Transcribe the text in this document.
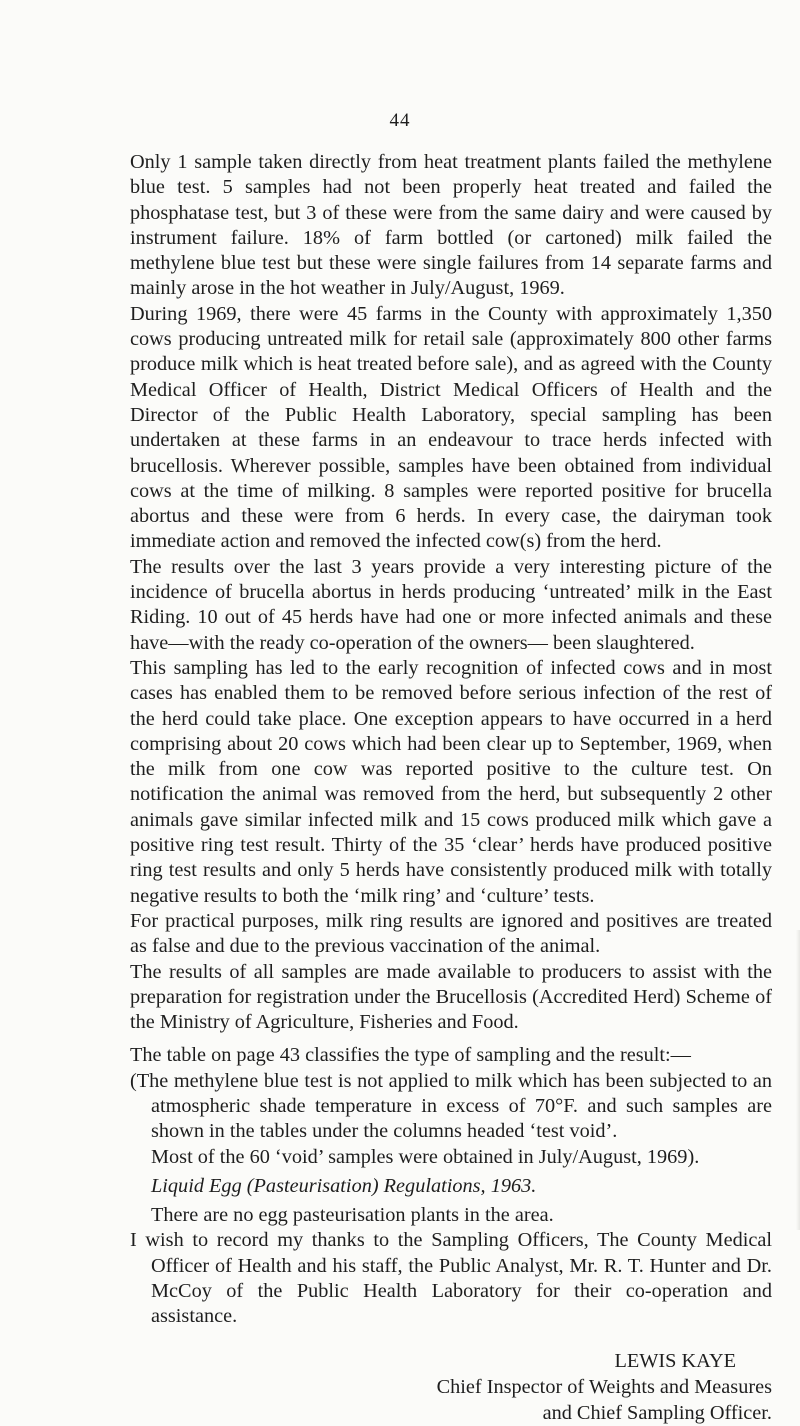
44

Only 1 sample taken directly from heat treatment plants failed the methylene blue test. 5 samples had not been properly heat treated and failed the phosphatase test, but 3 of these were from the same dairy and were caused by instrument failure. 18% of farm bottled (or cartoned) milk failed the methylene blue test but these were single failures from 14 separate farms and mainly arose in the hot weather in July/August, 1969.

During 1969, there were 45 farms in the County with approximately 1,350 cows producing untreated milk for retail sale (approximately 800 other farms produce milk which is heat treated before sale), and as agreed with the County Medical Officer of Health, District Medical Officers of Health and the Director of the Public Health Laboratory, special sampling has been undertaken at these farms in an endeavour to trace herds infected with brucellosis. Wherever possible, samples have been obtained from individual cows at the time of milking. 8 samples were reported positive for brucella abortus and these were from 6 herds. In every case, the dairyman took immediate action and removed the infected cow(s) from the herd.

The results over the last 3 years provide a very interesting picture of the incidence of brucella abortus in herds producing ‘untreated’ milk in the East Riding. 10 out of 45 herds have had one or more infected animals and these have—with the ready co-operation of the owners— been slaughtered.

This sampling has led to the early recognition of infected cows and in most cases has enabled them to be removed before serious infection of the rest of the herd could take place. One exception appears to have occurred in a herd comprising about 20 cows which had been clear up to September, 1969, when the milk from one cow was reported positive to the culture test. On notification the animal was removed from the herd, but subsequently 2 other animals gave similar infected milk and 15 cows produced milk which gave a positive ring test result. Thirty of the 35 ‘clear’ herds have produced positive ring test results and only 5 herds have consistently produced milk with totally negative results to both the ‘milk ring’ and ‘culture’ tests.

For practical purposes, milk ring results are ignored and positives are treated as false and due to the previous vaccination of the animal.

The results of all samples are made available to producers to assist with the preparation for registration under the Brucellosis (Accredited Herd) Scheme of the Ministry of Agriculture, Fisheries and Food.

The table on page 43 classifies the type of sampling and the result:—

(The methylene blue test is not applied to milk which has been subjected to an atmospheric shade temperature in excess of 70°F. and such samples are shown in the tables under the columns headed ‘test void’.

Most of the 60 ‘void’ samples were obtained in July/August, 1969).

Liquid Egg (Pasteurisation) Regulations, 1963.

There are no egg pasteurisation plants in the area.

I wish to record my thanks to the Sampling Officers, The County Medical Officer of Health and his staff, the Public Analyst, Mr. R. T. Hunter and Dr. McCoy of the Public Health Laboratory for their co-operation and assistance.

LEWIS KAYE
Chief Inspector of Weights and Measures
and Chief Sampling Officer.
